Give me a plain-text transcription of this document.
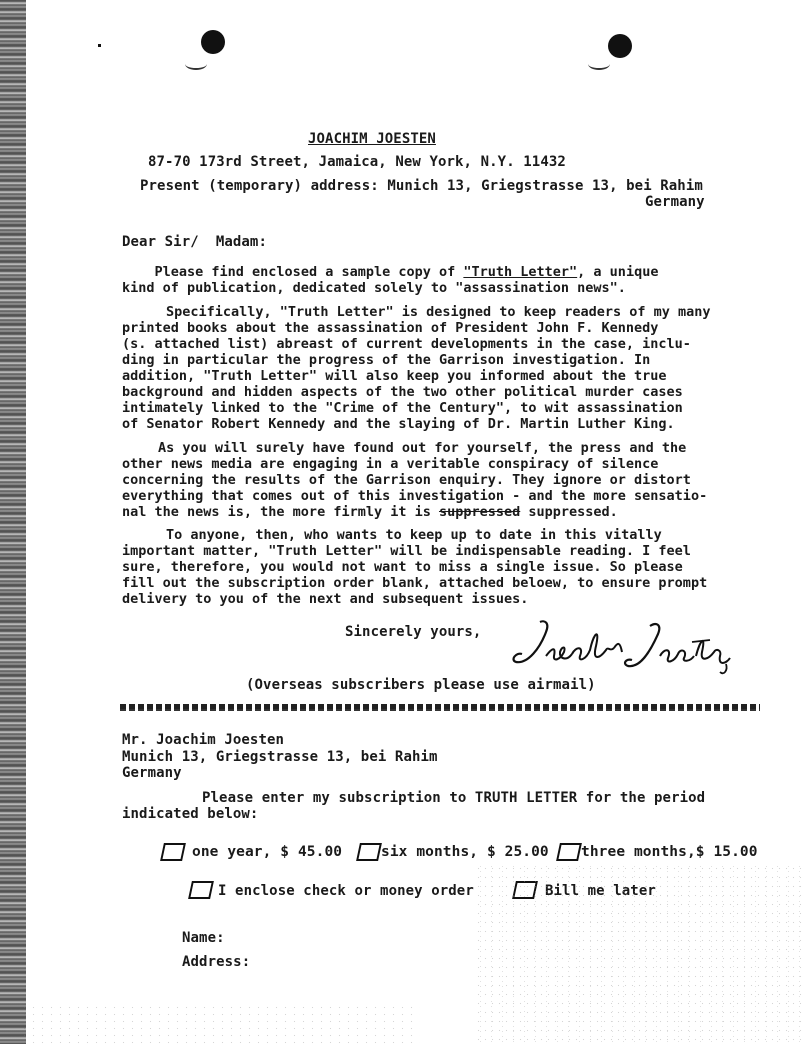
JOACHIM JOESTEN
87-70 173rd Street, Jamaica, New York, N.Y. 11432
Present (temporary) address: Munich 13, Griegstrasse 13, bei Rahim
Germany
Dear Sir/  Madam:
Please find enclosed a sample copy of "Truth Letter", a unique
kind of publication, dedicated solely to "assassination news".
Specifically, "Truth Letter" is designed to keep readers of my many
printed books about the assassination of President John F. Kennedy
(s. attached list) abreast of current developments in the case, inclu-
ding in particular the progress of the Garrison investigation. In
addition, "Truth Letter" will also keep you informed about the true
background and hidden aspects of the two other political murder cases
intimately linked to the "Crime of the Century", to wit assassination
of Senator Robert Kennedy and the slaying of Dr. Martin Luther King.
As you will surely have found out for yourself, the press and the
other news media are engaging in a veritable conspiracy of silence
concerning the results of the Garrison enquiry. They ignore or distort
everything that comes out of this investigation - and the more sensatio-
nal the news is, the more firmly it is suppressed suppressed.
To anyone, then, who wants to keep up to date in this vitally
important matter, "Truth Letter" will be indispensable reading. I feel
sure, therefore, you would not want to miss a single issue. So please
fill out the subscription order blank, attached beloew, to ensure prompt
delivery to you of the next and subsequent issues.
Sincerely yours,
(Overseas subscribers please use airmail)
Mr. Joachim Joesten
Munich 13, Griegstrasse 13, bei Rahim
Germany
Please enter my subscription to TRUTH LETTER for the period
indicated below:
one year, $ 45.00	six months, $ 25.00 three months,$ 15.00
I enclose check or money order	Bill me later
Name:
Address:
